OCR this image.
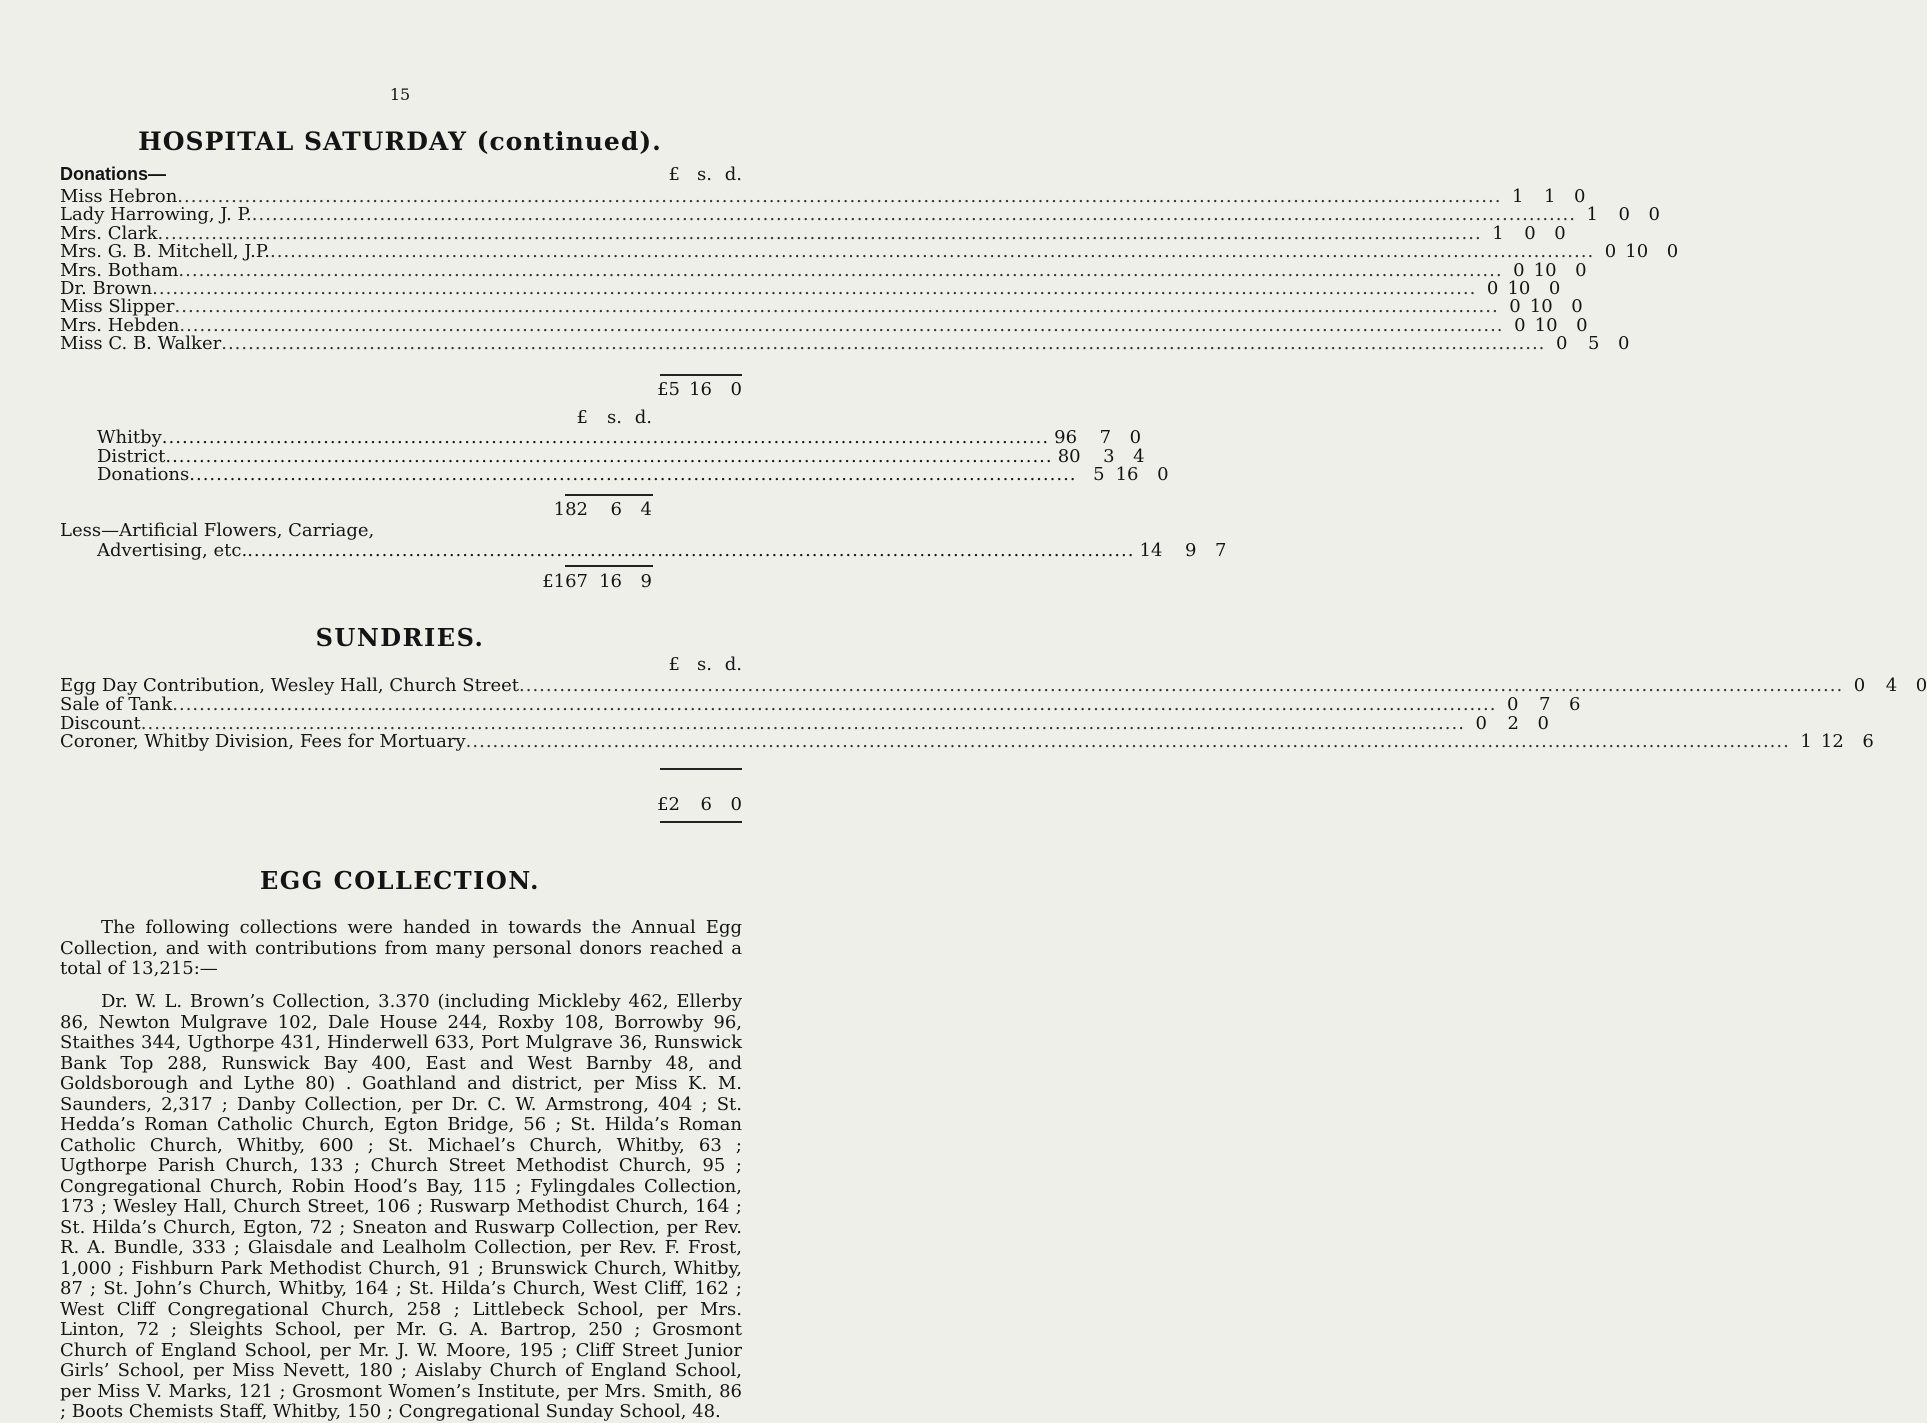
15
HOSPITAL SATURDAY (continued).
Donations—	£ s. d.
Miss Hebron .....	1	1	0
Lady Harrowing, J. P. .....	1	0	0
Mrs. Clark .....	1	0	0
Mrs. G. B. Mitchell, J.P. .....	0 10	0
Mrs. Botham .....	0 10	0
Dr. Brown .....	0 10	0
Miss Slipper .....	0 10	0
Mrs. Hebden .....	0 10	0
Miss C. B. Walker .....	0	5	0
£5 16	0
£	s. d.
Whitby .....	96	7	0
District .....	80	3	4
Donations .....	5 16	0
182	6	4
Less—Artificial Flowers, Carriage,
Advertising, etc. .....	14	9	7
£167 16	9
SUNDRIES.
£ s. d.
Egg Day Contribution, Wesley Hall, Church Street .....	0	4	0
Sale of Tank .....	0	7	6
Discount .....	0	2	0
Coroner, Whitby Division, Fees for Mortuary .....	1 12	6
£2	6	0
EGG COLLECTION.
The following collections were handed in towards the Annual Egg Collection, and with contributions from many personal donors reached a total of 13,215:—
Dr. W. L. Brown’s Collection, 3.370 (including Mickleby 462, Ellerby 86, Newton Mulgrave 102, Dale House 244, Roxby 108, Borrowby 96, Staithes 344, Ugthorpe 431, Hinderwell 633, Port Mulgrave 36, Runswick Bank Top 288, Runswick Bay 400, East and West Barnby 48, and Goldsborough and Lythe 80) . Goathland and district, per Miss K. M. Saunders, 2,317 ; Danby Collection, per Dr. C. W. Armstrong, 404 ; St. Hedda’s Roman Catholic Church, Egton Bridge, 56 ; St. Hilda’s Roman Catholic Church, Whitby, 600 ; St. Michael’s Church, Whitby, 63 ; Ugthorpe Parish Church, 133 ; Church Street Methodist Church, 95 ; Congregational Church, Robin Hood’s Bay, 115 ; Fylingdales Collection, 173 ; Wesley Hall, Church Street, 106 ; Ruswarp Methodist Church, 164 ; St. Hilda’s Church, Egton, 72 ; Sneaton and Ruswarp Collection, per Rev. R. A. Bundle, 333 ; Glaisdale and Lealholm Collection, per Rev. F. Frost, 1,000 ; Fishburn Park Methodist Church, 91 ; Brunswick Church, Whitby, 87 ; St. John’s Church, Whitby, 164 ; St. Hilda’s Church, West Cliff, 162 ; West Cliff Congregational Church, 258 ; Littlebeck School, per Mrs. Linton, 72 ; Sleights School, per Mr. G. A. Bartrop, 250 ; Grosmont Church of England School, per Mr. J. W. Moore, 195 ; Cliff Street Junior Girls’ School, per Miss Nevett, 180 ; Aislaby Church of England School, per Miss V. Marks, 121 ; Grosmont Women’s Institute, per Mrs. Smith, 86 ; Boots Chemists Staff, Whitby, 150 ; Congregational Sunday School, 48.
